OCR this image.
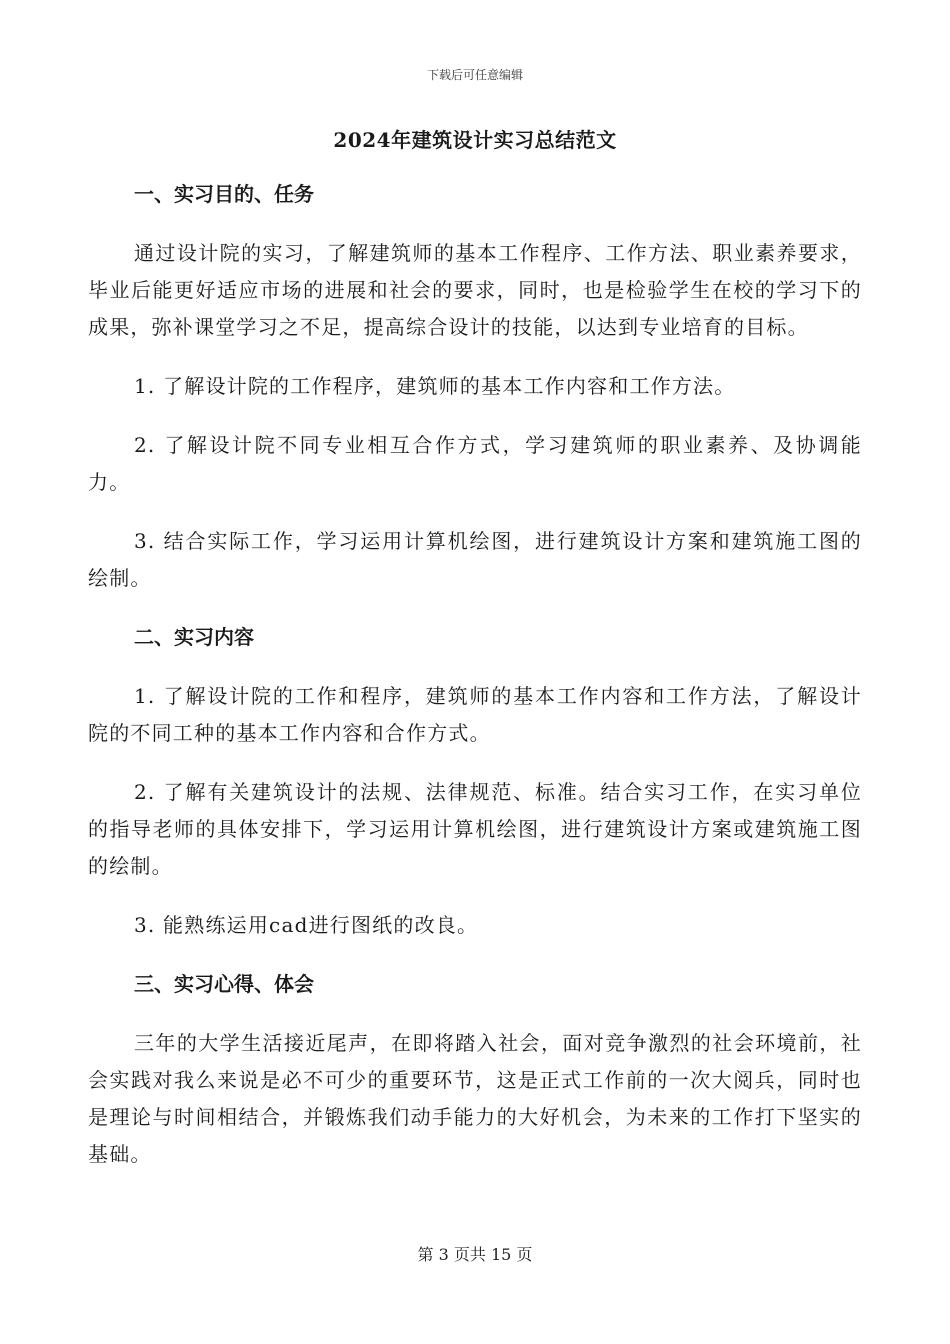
下载后可任意编辑
2024年建筑设计实习总结范文
一、实习目的、任务

通过设计院的实习，了解建筑师的基本工作程序、工作方法、职业素养要求，毕业后能更好适应市场的进展和社会的要求，同时，也是检验学生在校的学习下的成果，弥补课堂学习之不足，提高综合设计的技能，以达到专业培育的目标。

1. 了解设计院的工作程序，建筑师的基本工作内容和工作方法。

2. 了解设计院不同专业相互合作方式，学习建筑师的职业素养、及协调能力。

3. 结合实际工作，学习运用计算机绘图，进行建筑设计方案和建筑施工图的绘制。

二、实习内容

1. 了解设计院的工作和程序，建筑师的基本工作内容和工作方法，了解设计院的不同工种的基本工作内容和合作方式。

2. 了解有关建筑设计的法规、法律规范、标准。结合实习工作，在实习单位的指导老师的具体安排下，学习运用计算机绘图，进行建筑设计方案或建筑施工图的绘制。

3. 能熟练运用cad进行图纸的改良。

三、实习心得、体会

三年的大学生活接近尾声，在即将踏入社会，面对竞争激烈的社会环境前，社会实践对我么来说是必不可少的重要环节，这是正式工作前的一次大阅兵，同时也是理论与时间相结合，并锻炼我们动手能力的大好机会，为未来的工作打下坚实的基础。

第 3 页共 15 页
